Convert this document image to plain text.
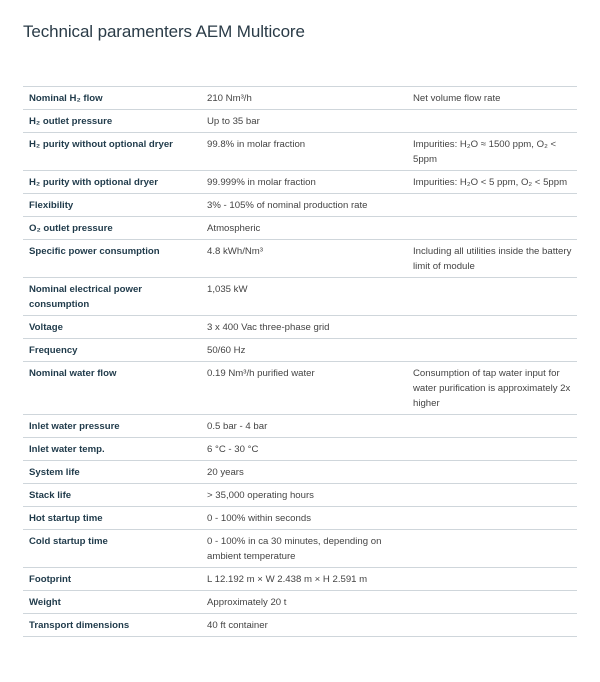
Technical paramenters AEM Multicore
Nominal H₂ flow	210 Nm³/h	Net volume flow rate
H₂ outlet pressure	Up to 35 bar	
H₂ purity without optional dryer	99.8% in molar fraction	Impurities: H₂O ≈ 1500 ppm, O₂ < 5ppm
H₂ purity with optional dryer	99.999% in molar fraction	Impurities: H₂O < 5 ppm, O₂ < 5ppm
Flexibility	3% - 105% of nominal production rate	
O₂ outlet pressure	Atmospheric	
Specific power consumption	4.8 kWh/Nm³	Including all utilities inside the battery limit of module
Nominal electrical power consumption	1,035 kW	
Voltage	3 x 400 Vac three-phase grid	
Frequency	50/60 Hz	
Nominal water flow	0.19 Nm³/h purified water	Consumption of tap water input for water purification is approximately 2x higher
Inlet water pressure	0.5 bar - 4 bar	
Inlet water temp.	6 °C - 30 °C	
System life	20 years	
Stack life	> 35,000 operating hours	
Hot startup time	0 - 100% within seconds	
Cold startup time	0 - 100% in ca 30 minutes, depending on ambient temperature	
Footprint	L 12.192 m × W 2.438 m × H 2.591 m	
Weight	Approximately 20 t	
Transport dimensions	40 ft container	
